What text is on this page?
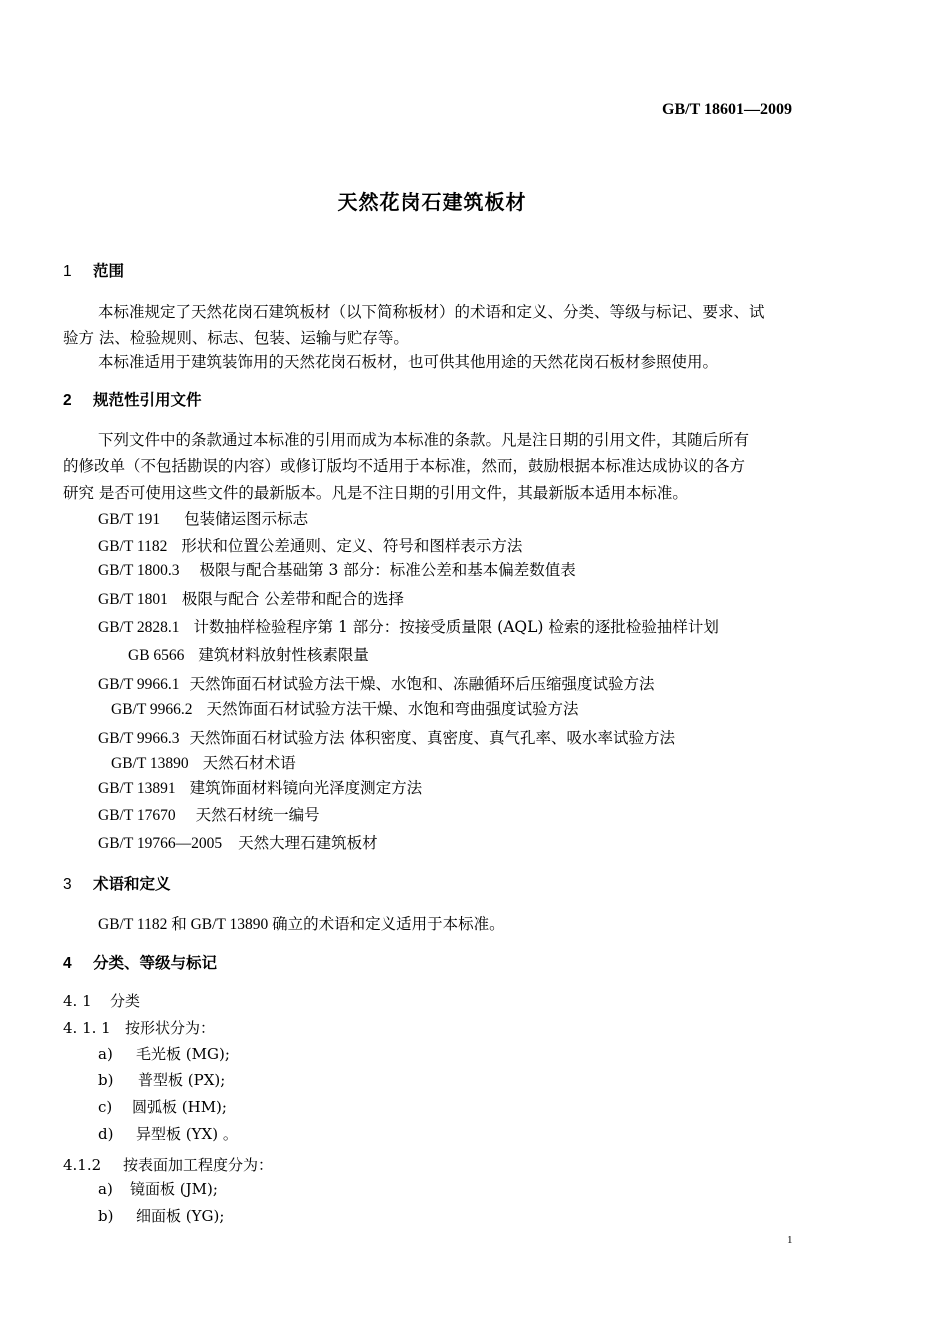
GB/T 18601—2009
天然花岗石建筑板材
1 范围
本标准规定了天然花岗石建筑板材（以下简称板材）的术语和定义、分类、等级与标记、要求、试
验方 法、检验规则、标志、包装、运输与贮存等。
本标准适用于建筑装饰用的天然花岗石板材，也可供其他用途的天然花岗石板材参照使用。
2 规范性引用文件
下列文件中的条款通过本标准的引用而成为本标准的条款。凡是注日期的引用文件，其随后所有
的修改单（不包括勘误的内容）或修订版均不适用于本标准，然而，鼓励根据本标准达成协议的各方
研究 是否可使用这些文件的最新版本。凡是不注日期的引用文件，其最新版本适用本标准。
GB/T 191 包装储运图示标志
GB/T 1182 形状和位置公差通则、定义、符号和图样表示方法
GB/T 1800.3 极限与配合基础第 3 部分：标准公差和基本偏差数值表
GB/T 1801 极限与配合 公差带和配合的选择
GB/T 2828.1 计数抽样检验程序第 1 部分：按接受质量限 (AQL) 检索的逐批检验抽样计划
GB 6566 建筑材料放射性核素限量
GB/T 9966.1 天然饰面石材试验方法干燥、水饱和、冻融循环后压缩强度试验方法
GB/T 9966.2 天然饰面石材试验方法干燥、水饱和弯曲强度试验方法
GB/T 9966.3 天然饰面石材试验方法 体积密度、真密度、真气孔率、吸水率试验方法
GB/T 13890 天然石材术语
GB/T 13891 建筑饰面材料镜向光泽度测定方法
GB/T 17670 天然石材统一编号
GB/T 19766—2005 天然大理石建筑板材
3 术语和定义
GB/T 1182 和 GB/T 13890 确立的术语和定义适用于本标准。
4 分类、等级与标记
4. 1 分类
4. 1. 1 按形状分为：
a) 毛光板 (MG);
b) 普型板 (PX);
c) 圆弧板 (HM);
d) 异型板 (YX) 。
4.1.2 按表面加工程度分为：
a) 镜面板 (JM);
b) 细面板 (YG);
1
